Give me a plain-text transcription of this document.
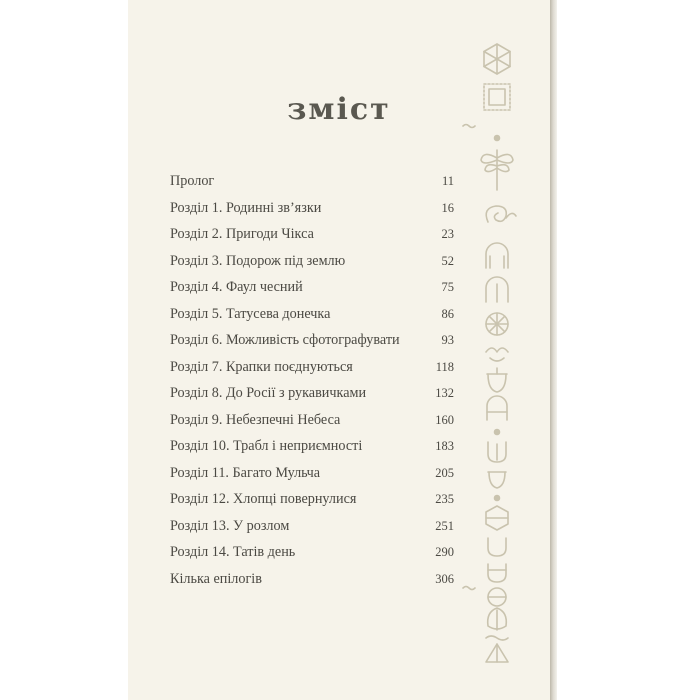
зміст
Пролог	11
Розділ 1. Родинні зв’язки	16
Розділ 2. Пригоди Чікса	23
Розділ 3. Подорож під землю	52
Розділ 4. Фаул чесний	75
Розділ 5. Татусева донечка	86
Розділ 6. Можливість сфотографувати	93
Розділ 7. Крапки поєднуються	118
Розділ 8. До Росії з рукавичками	132
Розділ 9. Небезпечні Небеса	160
Розділ 10. Трабл і неприємності	183
Розділ 11. Багато Мульча	205
Розділ 12. Хлопці повернулися	235
Розділ 13. У розлом	251
Розділ 14. Татів день	290
Кілька епілогів	306
